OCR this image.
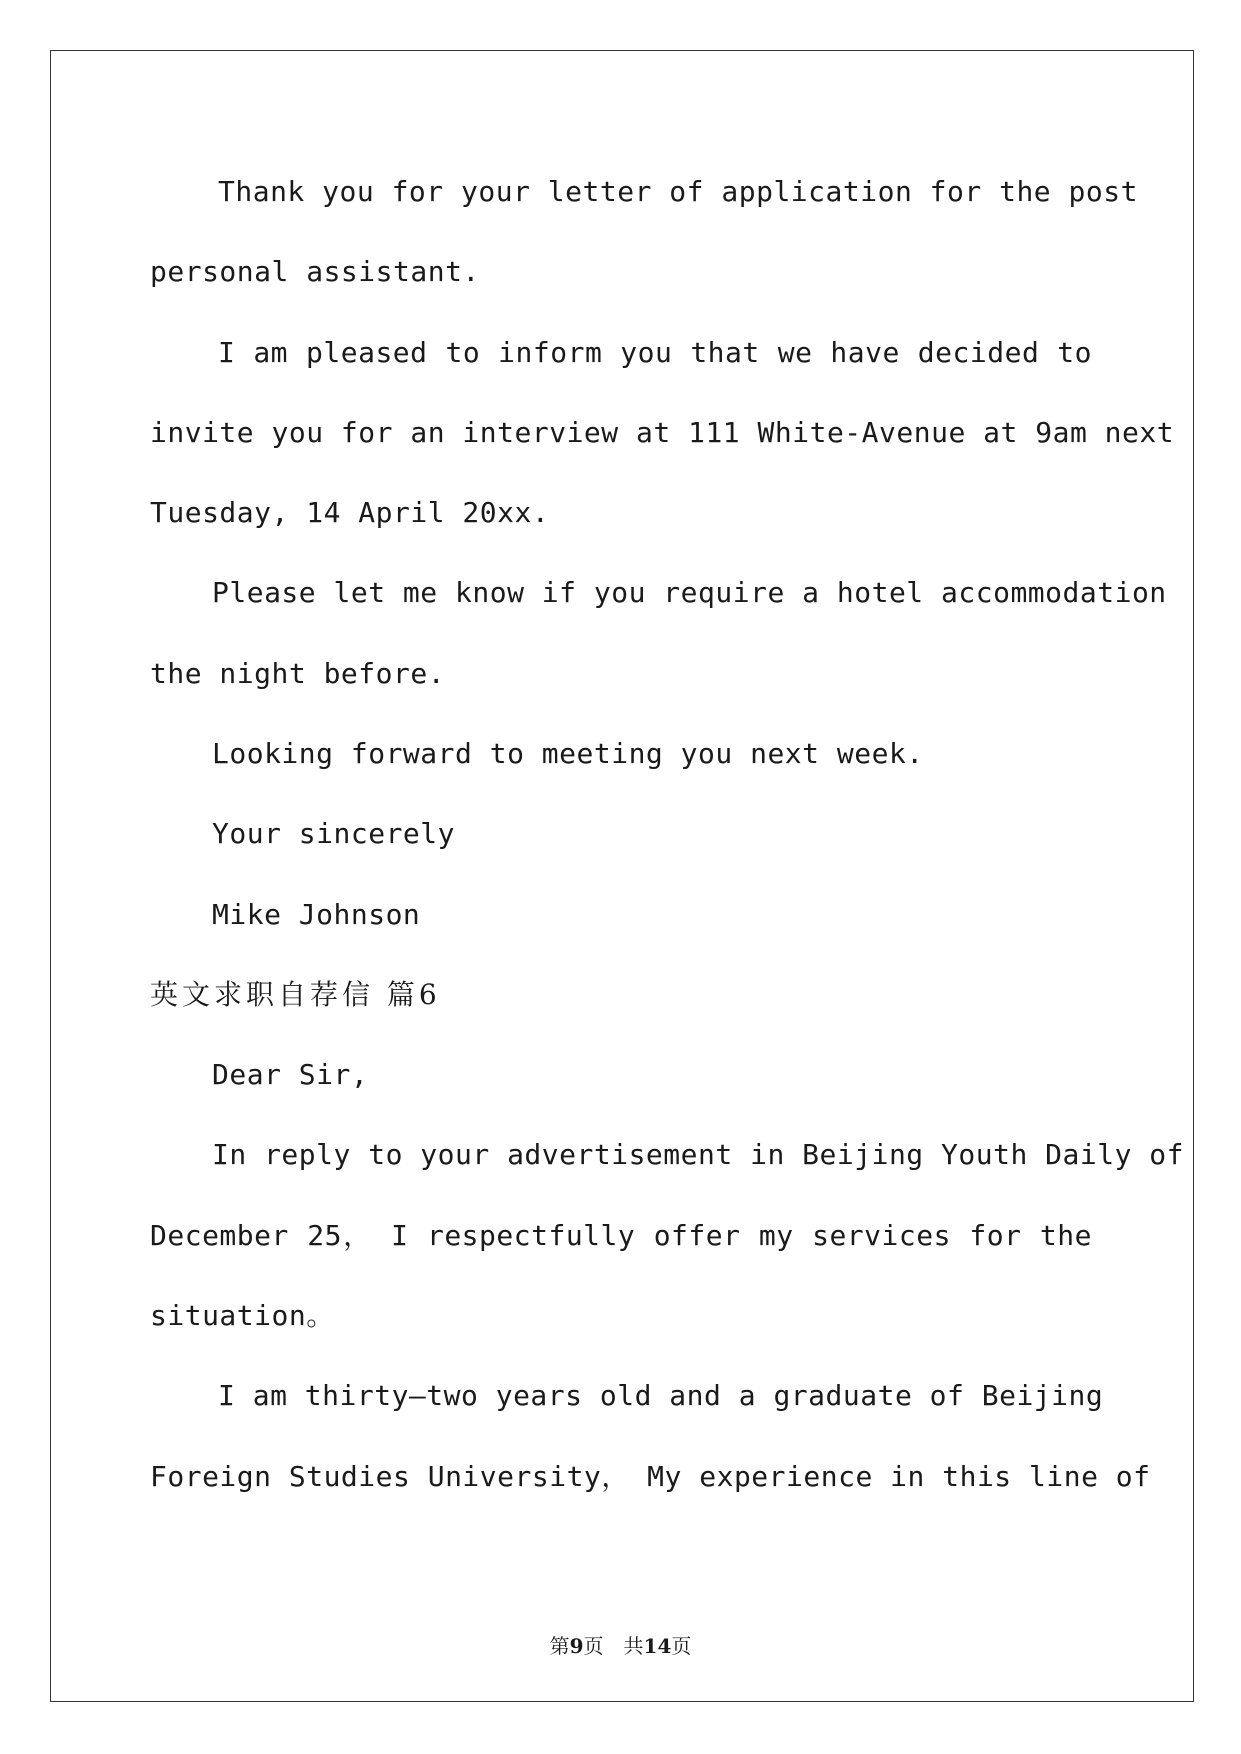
Thank you for your letter of application for the post
personal assistant.
I am pleased to inform you that we have decided to
invite you for an interview at 111 White-Avenue at 9am next
Tuesday, 14 April 20xx.
Please let me know if you require a hotel accommodation
the night before.
Looking forward to meeting you next week.
Your sincerely
Mike Johnson
英文求职自荐信 篇6
Dear Sir,
In reply to your advertisement in Beijing Youth Daily of
December 25， I respectfully offer my services for the
situation。
I am thirty—two years old and a graduate of Beijing
Foreign Studies University， My experience in this line of
第9页　共14页
